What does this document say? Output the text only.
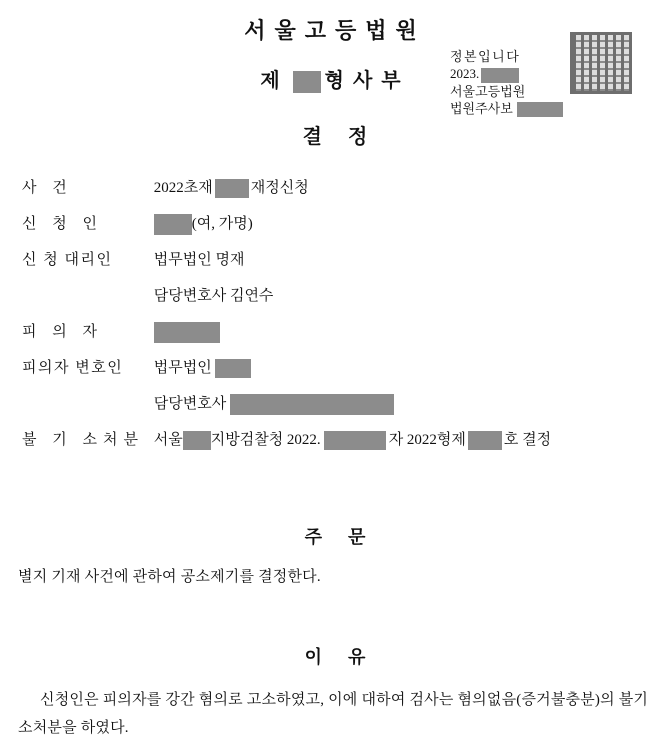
서울고등법원
제 형사부
결정
정본입니다
2023.
서울고등법원
법원주사보
사 건	2022초재	재정신청
신 청 인	(여, 가명)
신 청 대리인	법무법인 명재
담당변호사 김연수
피 의 자
피의자 변호인 법무법인
담당변호사
불 기 소처분 서울 지방검찰청 2022.	자 2022형제	호 결정
주문
별지 기재 사건에 관하여 공소제기를 결정한다.
이유
신청인은 피의자를 강간 혐의로 고소하였고, 이에 대하여 검사는 혐의없음(증거불충분)의 불기소처분을 하였다.
